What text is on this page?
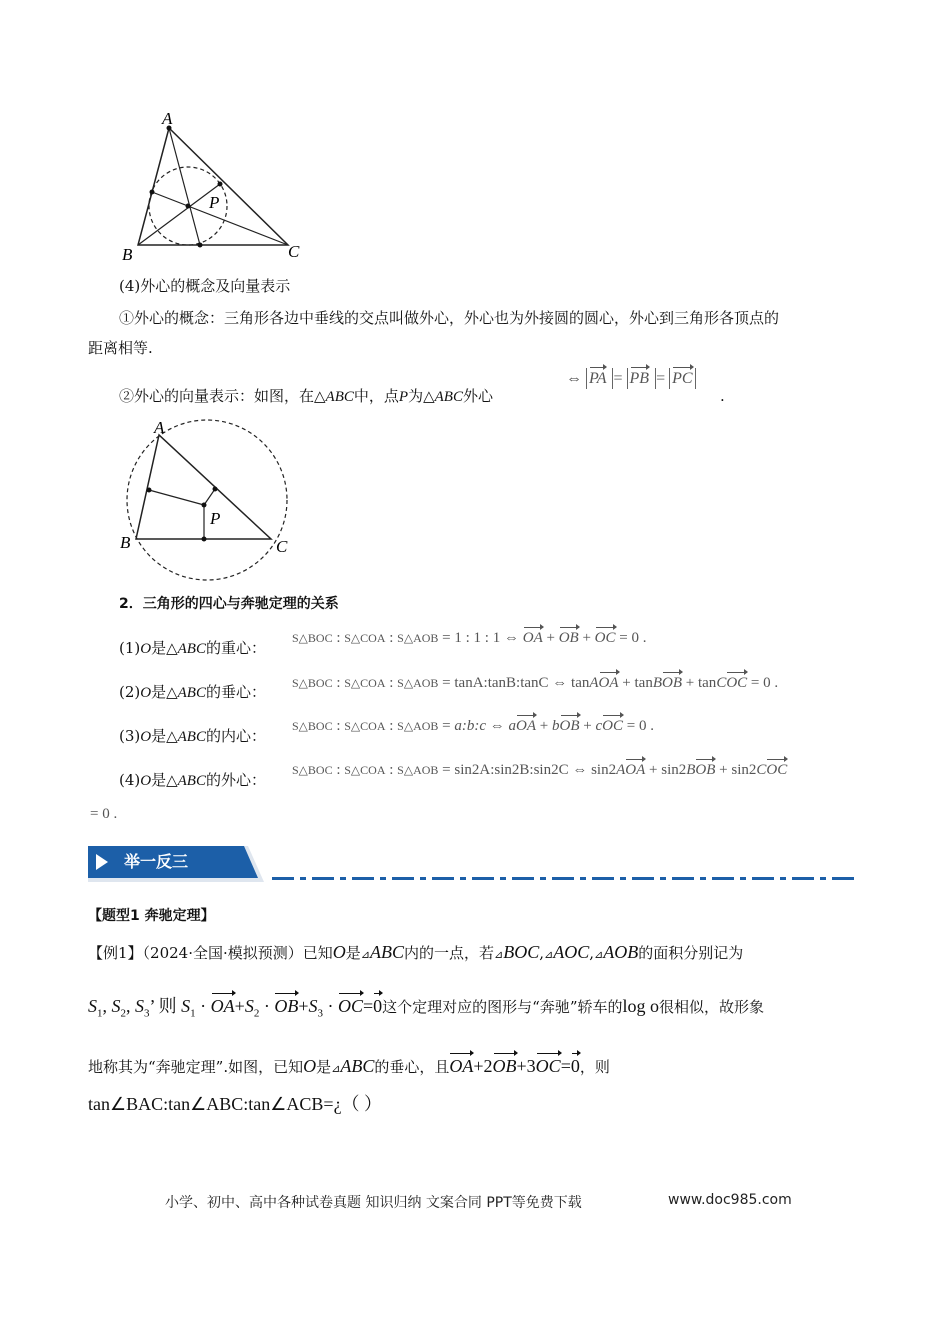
A
B	C
P
(4)外心的概念及向量表示
①外心的概念：三角形各边中垂线的交点叫做外心，外心也为外接圆的圆心，外心到三角形各顶点的
距离相等.
②外心的向量表示：如图，在△ABC中，点P为△ABC外心
⇔ PA = PB = PC
.
A
B	C
P
2．三角形的四心与奔驰定理的关系
(1)O是△ABC的重心：
S△BOC : S△COA : S△AOB = 1 : 1 : 1 ⇔ OA + OB + OC = 0 .
(2)O是△ABC的垂心： S△BOC : S△COA : S△AOB = tanA:tanB:tanC ⇔ tanAOA + tanBOB + tanCOC = 0 .
(3)O是△ABC的内心：
S△BOC : S△COA : S△AOB = a:b:c ⇔ aOA + bOB + cOC = 0 .
(4)O是△ABC的外心：
S△BOC : S△COA : S△AOB = sin2A:sin2B:sin2C ⇔ sin2AOA + sin2BOB + sin2COC
= 0 .
举一反三
【题型1 奔驰定理】
【例1】（2024·全国·模拟预测）已知O是⊿ABC内的一点，若⊿BOC,⊿AOC,⊿AOB的面积分别记为
$S_1$, $S_2$, $S_3$’ 则 $S_1 \cdot OA+S_2 \cdot OB+S_3 \cdot OC=0$这个定理对应的图形与“奔驰”轿车的log o很相似，故形象
地称其为“奔驰定理”.如图，已知O是⊿ABC的垂心，且OA+2OB+3OC=0，则
tan∠BAC:tan∠ABC:tan∠ACB=¿（ ）
小学、初中、高中各种试卷真题 知识归纳 文案合同 PPT等免费下载	www.doc985.com
